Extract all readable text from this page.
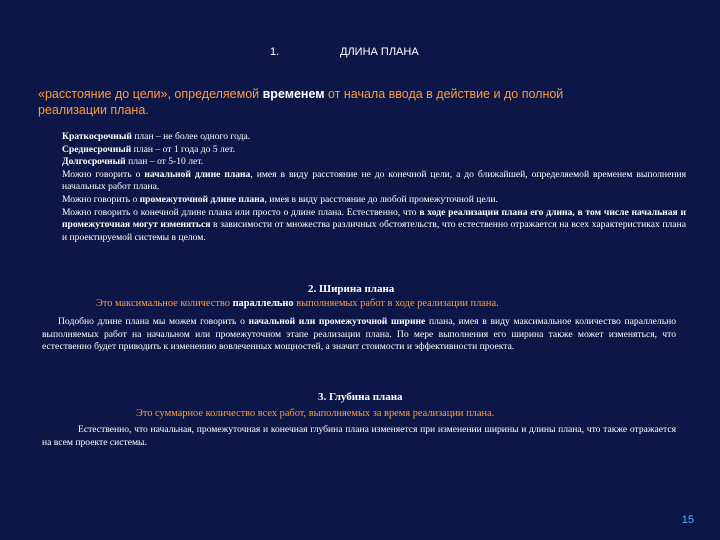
1.	ДЛИНА ПЛАНА
«расстояние до цели», определяемой временем от начала ввода в действие и до полной реализации плана.
Краткосрочный план – не более одного года.
Среднесрочный план – от 1 года до 5 лет.
Долгосрочный план – от 5-10 лет.
Можно говорить о начальной длине плана, имея в виду расстояние не до конечной цели, а до ближайшей, определяемой временем выполнения начальных работ плана.
Можно говорить о промежуточной длине плана, имея в виду расстояние до любой промежуточной цели.
Можно говорить о конечной длине плана или просто о длине плана. Естественно, что в ходе реализации плана его длина, в том числе начальная и промежуточная могут изменяться в зависимости от множества различных обстоятельств, что естественно отражается на всех характеристиках плана и проектируемой системы в целом.
2. Ширина плана
Это максимальное количество параллельно выполняемых работ в ходе реализации плана.
Подобно длине плана мы можем говорить о начальной или промежуточной ширине плана, имея в виду максимальное количество параллельно выполняемых работ на начальном или промежуточном этапе реализации плана. По мере выполнения его ширина также может изменяться, что естественно будет приводить к изменению вовлеченных мощностей, а значит стоимости и эффективности проекта.
3. Глубина плана
Это суммарное количество всех работ, выполняемых за время реализации плана.
Естественно, что начальная, промежуточная и конечная глубина плана изменяется при изменении ширины и длины плана, что также отражается на всем проекте системы.
15
